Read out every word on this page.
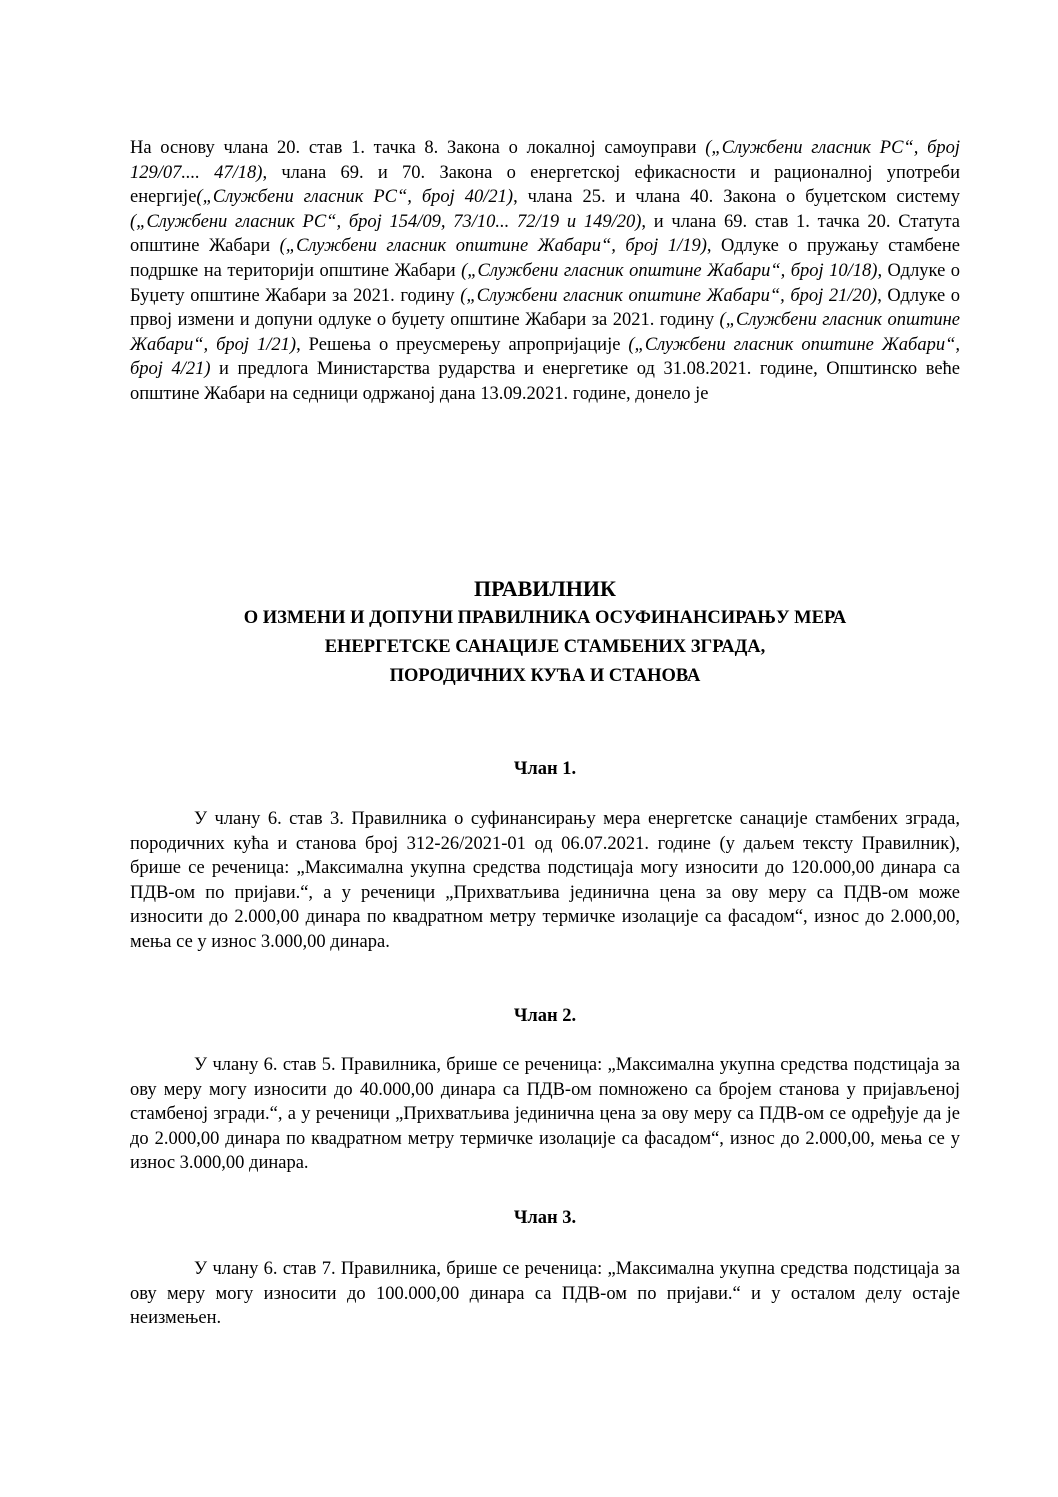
На основу члана 20. став 1. тачка 8. Закона о локалној самоуправи („Службени гласник РС“, број 129/07.... 47/18), члана 69. и 70. Закона о енергетској ефикасности и рационалној употреби енергије(„Службени гласник РС“, број 40/21), члана 25. и члана 40. Закона о буџетском систему („Службени гласник РС“, број 154/09, 73/10... 72/19 и 149/20), и члана 69. став 1. тачка 20. Статута општине Жабари („Службени гласник општине Жабари“, број 1/19), Одлуке о пружању стамбене подршке на територији општине Жабари („Службени гласник општине Жабари“, број 10/18), Одлуке о Буџету општине Жабари за 2021. годину („Службени гласник општине Жабари“, број 21/20), Одлуке о првој измени и допуни одлуке о буџету општине Жабари за 2021. годину („Службени гласник општине Жабари“, број 1/21), Решења о преусмерењу апропријације („Службени гласник општине Жабари“, број 4/21) и предлога Министарства рударства и енергетике од 31.08.2021. године, Општинско веће општине Жабари на седници одржаној дана 13.09.2021. године, донело је

ПРАВИЛНИК

О ИЗМЕНИ И ДОПУНИ ПРАВИЛНИКА ОСУФИНАНСИРАЊУ МЕРА

ЕНЕРГЕТСКЕ САНАЦИЈЕ СТАМБЕНИХ ЗГРАДА,

ПОРОДИЧНИХ КУЋА И СТАНОВА

Члан 1.

У члану 6. став 3. Правилника о суфинансирању мера енергетске санације стамбених зграда, породичних кућа и станова број 312-26/2021-01 од 06.07.2021. године (у даљем тексту Правилник), брише се реченица: „Максимална укупна средства подстицаја могу износити до 120.000,00 динара са ПДВ-ом по пријави.“, а у реченици „Прихватљива јединична цена за ову меру са ПДВ-ом може износити до 2.000,00 динара по квадратном метру термичке изолације са фасадом“, износ до 2.000,00, мења се у износ 3.000,00 динара.

Члан 2.

У члану 6. став 5. Правилника, брише се реченица: „Максимална укупна средства подстицаја за ову меру могу износити до 40.000,00 динара са ПДВ-ом помножено са бројем станова у пријављеној стамбеној згради.“, а у реченици „Прихватљива јединична цена за ову меру са ПДВ-ом се одређује да је до 2.000,00 динара по квадратном метру термичке изолације са фасадом“, износ до 2.000,00, мења се у износ 3.000,00 динара.

Члан 3.

У члану 6. став 7. Правилника, брише се реченица: „Максимална укупна средства подстицаја за ову меру могу износити до 100.000,00 динара са ПДВ-ом по пријави.“ и у осталом делу остаје неизмењен.
